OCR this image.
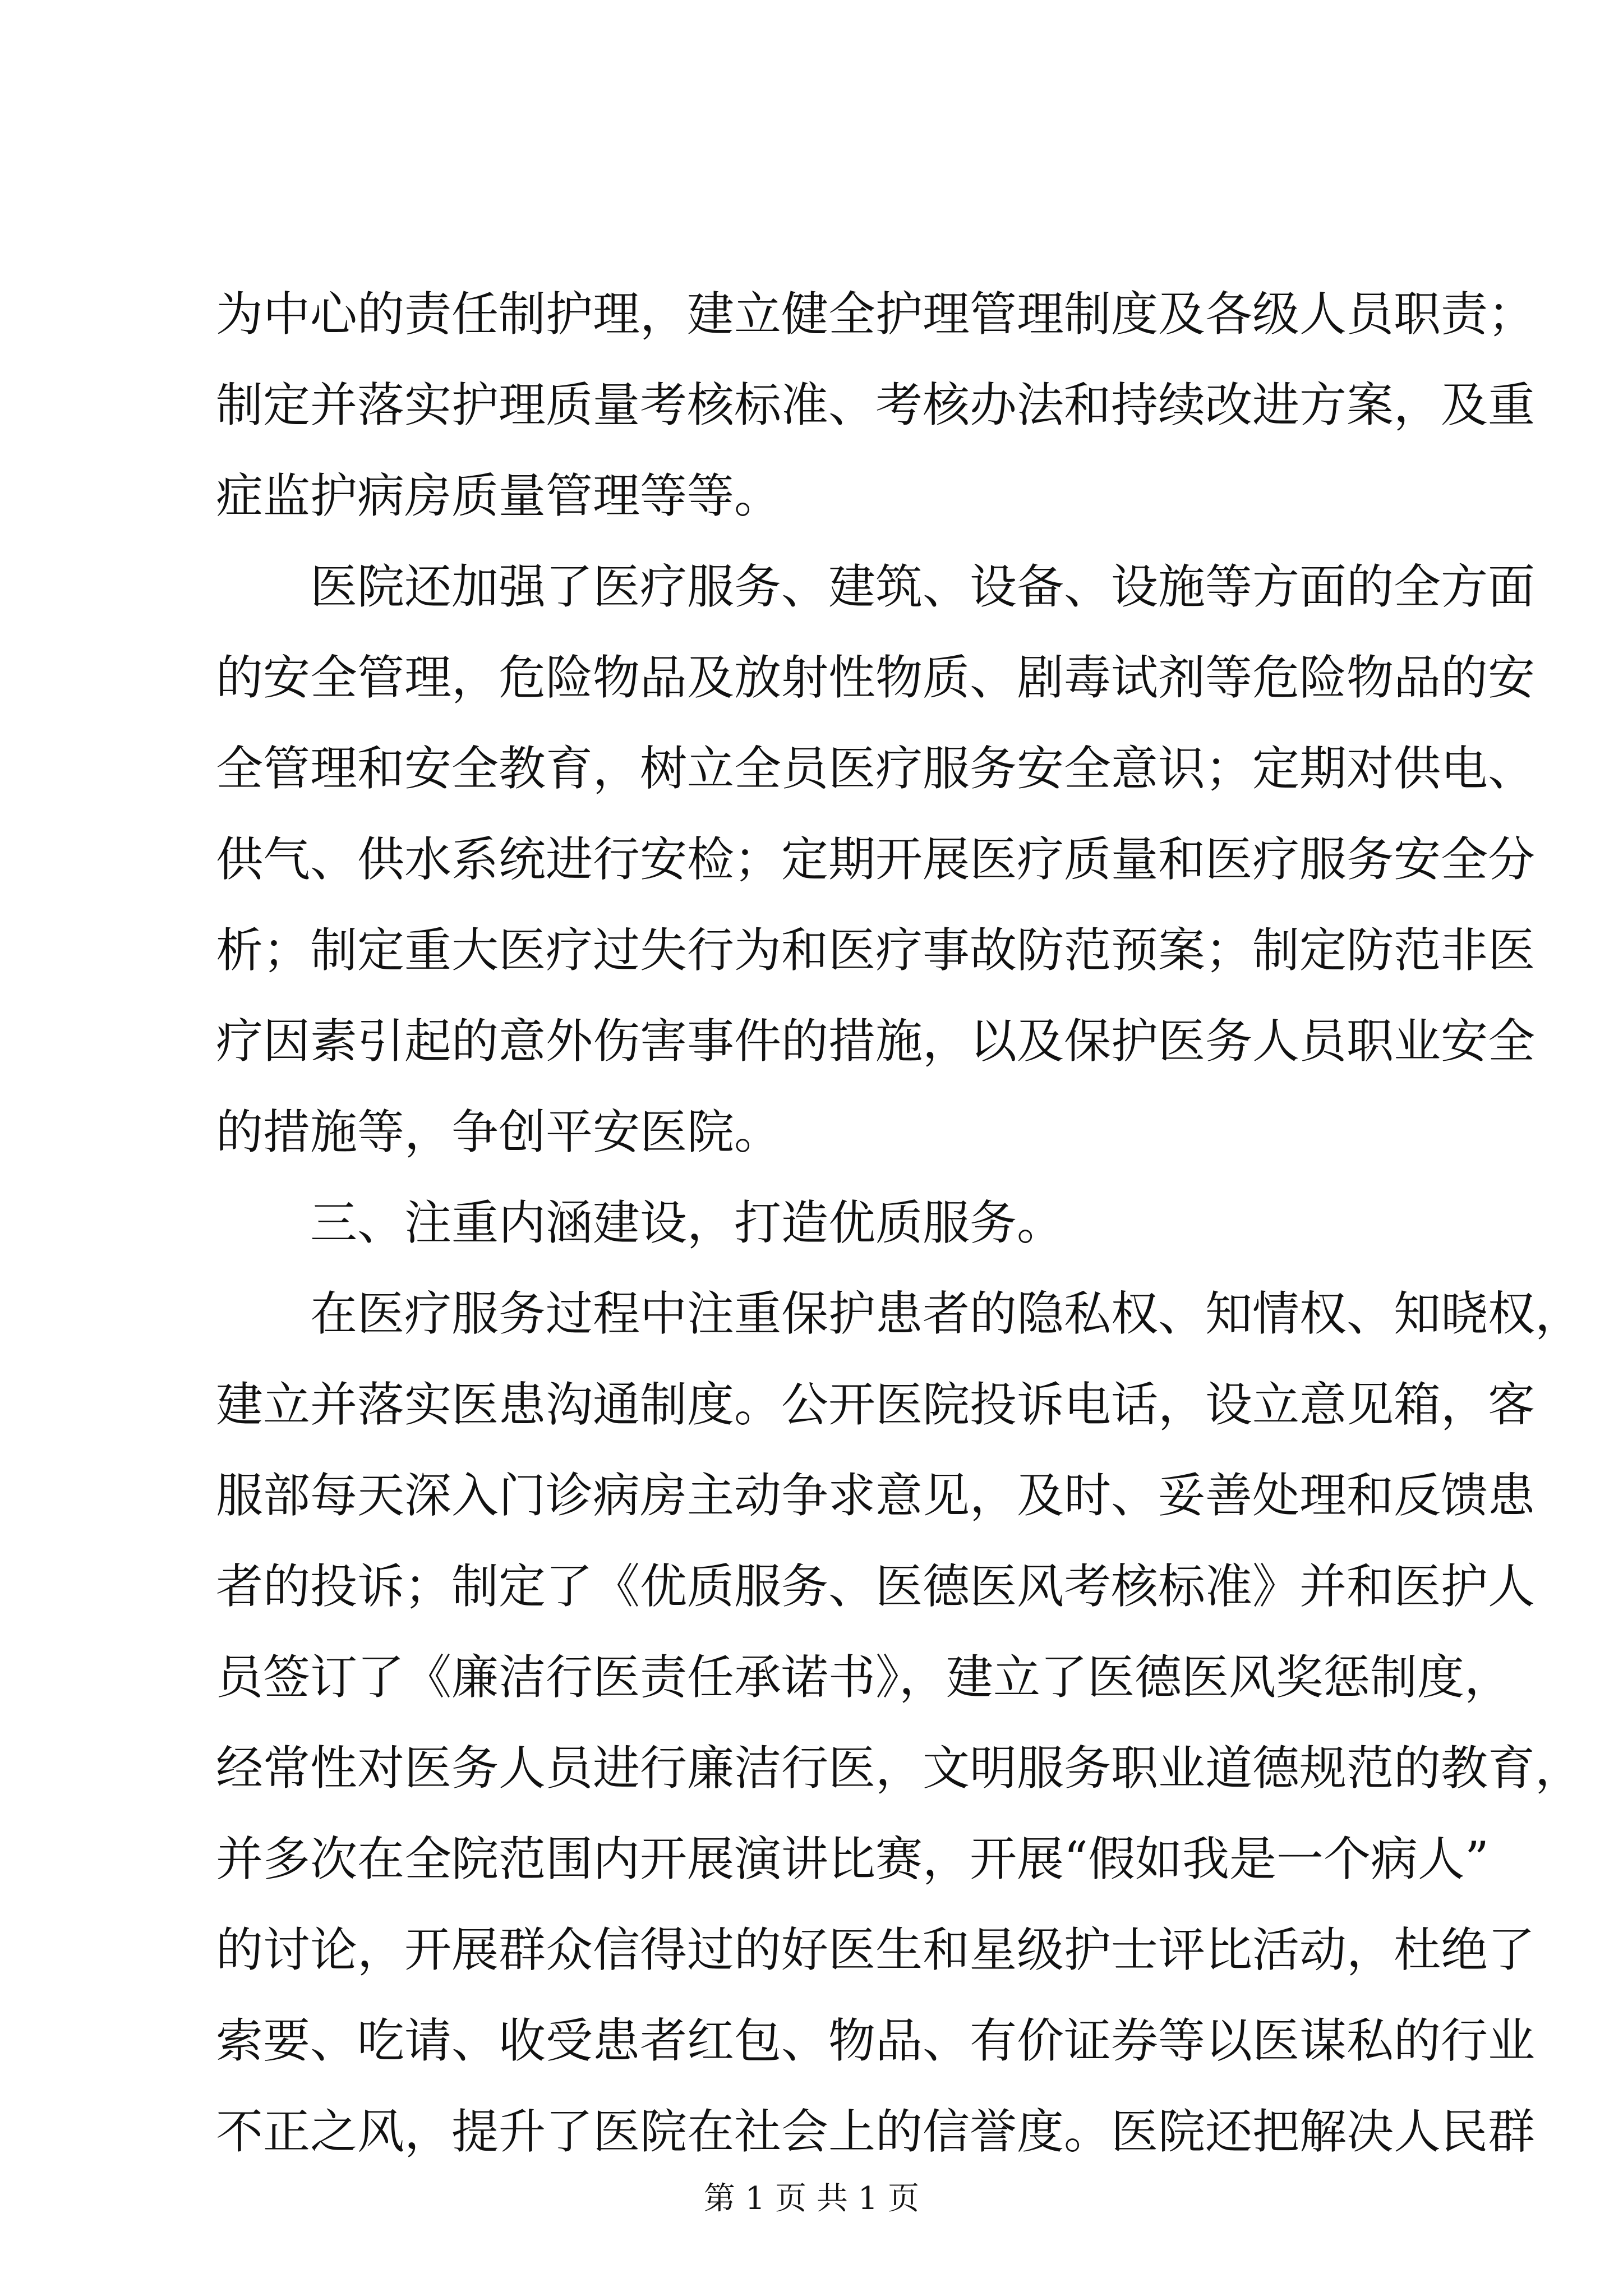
为中心的责任制护理，建立健全护理管理制度及各级人员职责；
制定并落实护理质量考核标准、考核办法和持续改进方案，及重
症监护病房质量管理等等。
医院还加强了医疗服务、建筑、设备、设施等方面的全方面
的安全管理，危险物品及放射性物质、剧毒试剂等危险物品的安
全管理和安全教育，树立全员医疗服务安全意识；定期对供电、
供气、供水系统进行安检；定期开展医疗质量和医疗服务安全分
析；制定重大医疗过失行为和医疗事故防范预案；制定防范非医
疗因素引起的意外伤害事件的措施，以及保护医务人员职业安全
的措施等，争创平安医院。
三、注重内涵建设，打造优质服务。
在医疗服务过程中注重保护患者的隐私权、知情权、知晓权，
建立并落实医患沟通制度。公开医院投诉电话，设立意见箱，客
服部每天深入门诊病房主动争求意见，及时、妥善处理和反馈患
者的投诉；制定了《优质服务、医德医风考核标准》并和医护人
员签订了《廉洁行医责任承诺书》，建立了医德医风奖惩制度，
经常性对医务人员进行廉洁行医，文明服务职业道德规范的教育，
并多次在全院范围内开展演讲比赛，开展“假如我是一个病人”
的讨论，开展群众信得过的好医生和星级护士评比活动，杜绝了
索要、吃请、收受患者红包、物品、有价证券等以医谋私的行业
不正之风，提升了医院在社会上的信誉度。医院还把解决人民群
第 1 页 共 1 页
